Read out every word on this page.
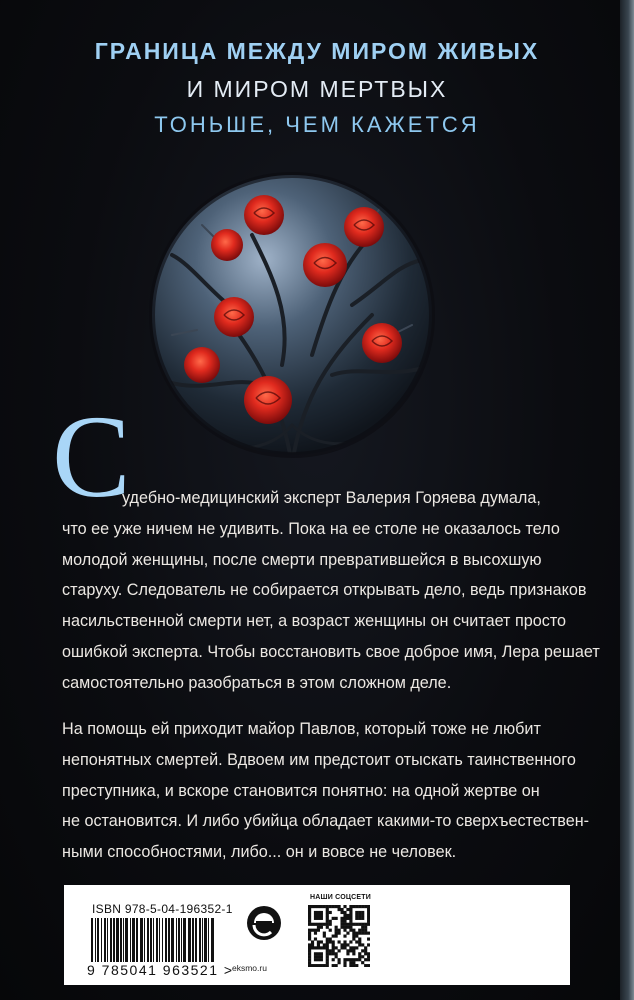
ГРАНИЦА МЕЖДУ МИРОМ ЖИВЫХ
И МИРОМ МЕРТВЫХ
ТОНЬШЕ, ЧЕМ КАЖЕТСЯ
С
удебно-медицинский эксперт Валерия Горяева думала,
что ее уже ничем не удивить. Пока на ее столе не оказалось тело
молодой женщины, после смерти превратившейся в высохшую
старуху. Следователь не собирается открывать дело, ведь признаков
насильственной смерти нет, а возраст женщины он считает просто
ошибкой эксперта. Чтобы восстановить свое доброе имя, Лера решает
самостоятельно разобраться в этом сложном деле.
На помощь ей приходит майор Павлов, который тоже не любит
непонятных смертей. Вдвоем им предстоит отыскать таинственного
преступника, и вскоре становится понятно: на одной жертве он
не остановится. И либо убийца обладает какими-то сверхъестествен-
ными способностями, либо... он и вовсе не человек.
ISBN 978-5-04-196352-1
9 785041 963521 >
eksmo.ru
НАШИ СОЦСЕТИ
